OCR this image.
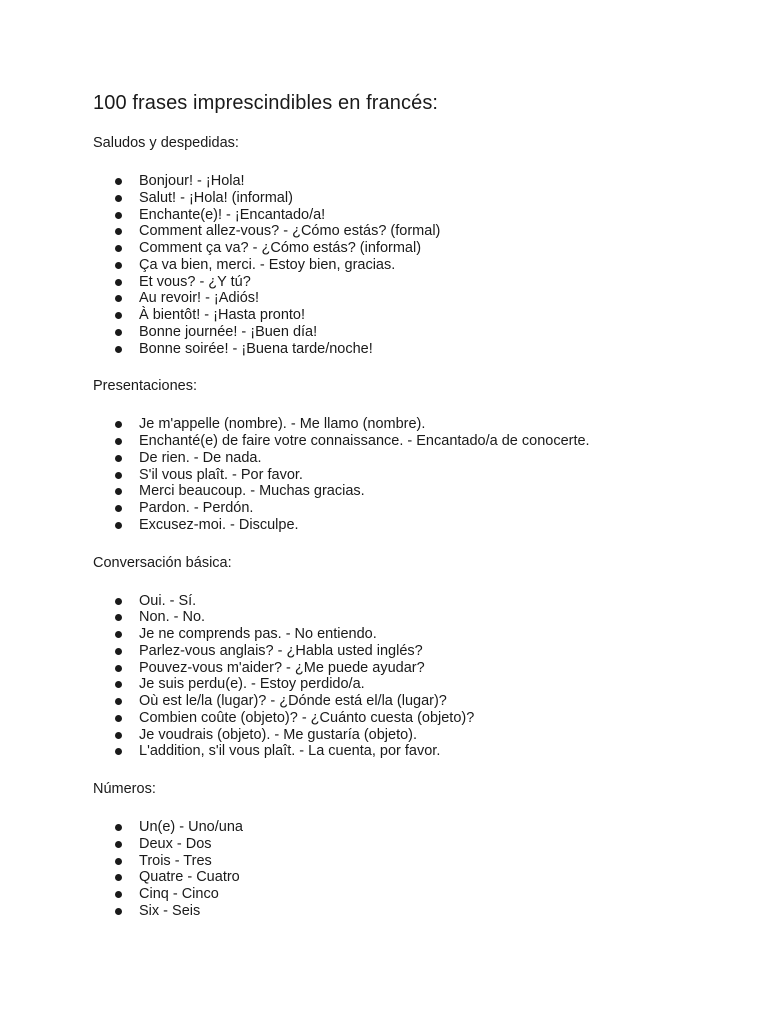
100 frases imprescindibles en francés:

Saludos y despedidas:

Bonjour! - ¡Hola!
Salut! - ¡Hola! (informal)
Enchante(e)! - ¡Encantado/a!
Comment allez-vous? - ¿Cómo estás? (formal)
Comment ça va? - ¿Cómo estás? (informal)
Ça va bien, merci. - Estoy bien, gracias.
Et vous? - ¿Y tú?
Au revoir! - ¡Adiós!
À bientôt! - ¡Hasta pronto!
Bonne journée! - ¡Buen día!
Bonne soirée! - ¡Buena tarde/noche!

Presentaciones:

Je m'appelle (nombre). - Me llamo (nombre).
Enchanté(e) de faire votre connaissance. - Encantado/a de conocerte.
De rien. - De nada.
S'il vous plaît. - Por favor.
Merci beaucoup. - Muchas gracias.
Pardon. - Perdón.
Excusez-moi. - Disculpe.

Conversación básica:

Oui. - Sí.
Non. - No.
Je ne comprends pas. - No entiendo.
Parlez-vous anglais? - ¿Habla usted inglés?
Pouvez-vous m'aider? - ¿Me puede ayudar?
Je suis perdu(e). - Estoy perdido/a.
Où est le/la (lugar)? - ¿Dónde está el/la (lugar)?
Combien coûte (objeto)? - ¿Cuánto cuesta (objeto)?
Je voudrais (objeto). - Me gustaría (objeto).
L'addition, s'il vous plaît. - La cuenta, por favor.

Números:

Un(e) - Uno/una
Deux - Dos
Trois - Tres
Quatre - Cuatro
Cinq - Cinco
Six - Seis
